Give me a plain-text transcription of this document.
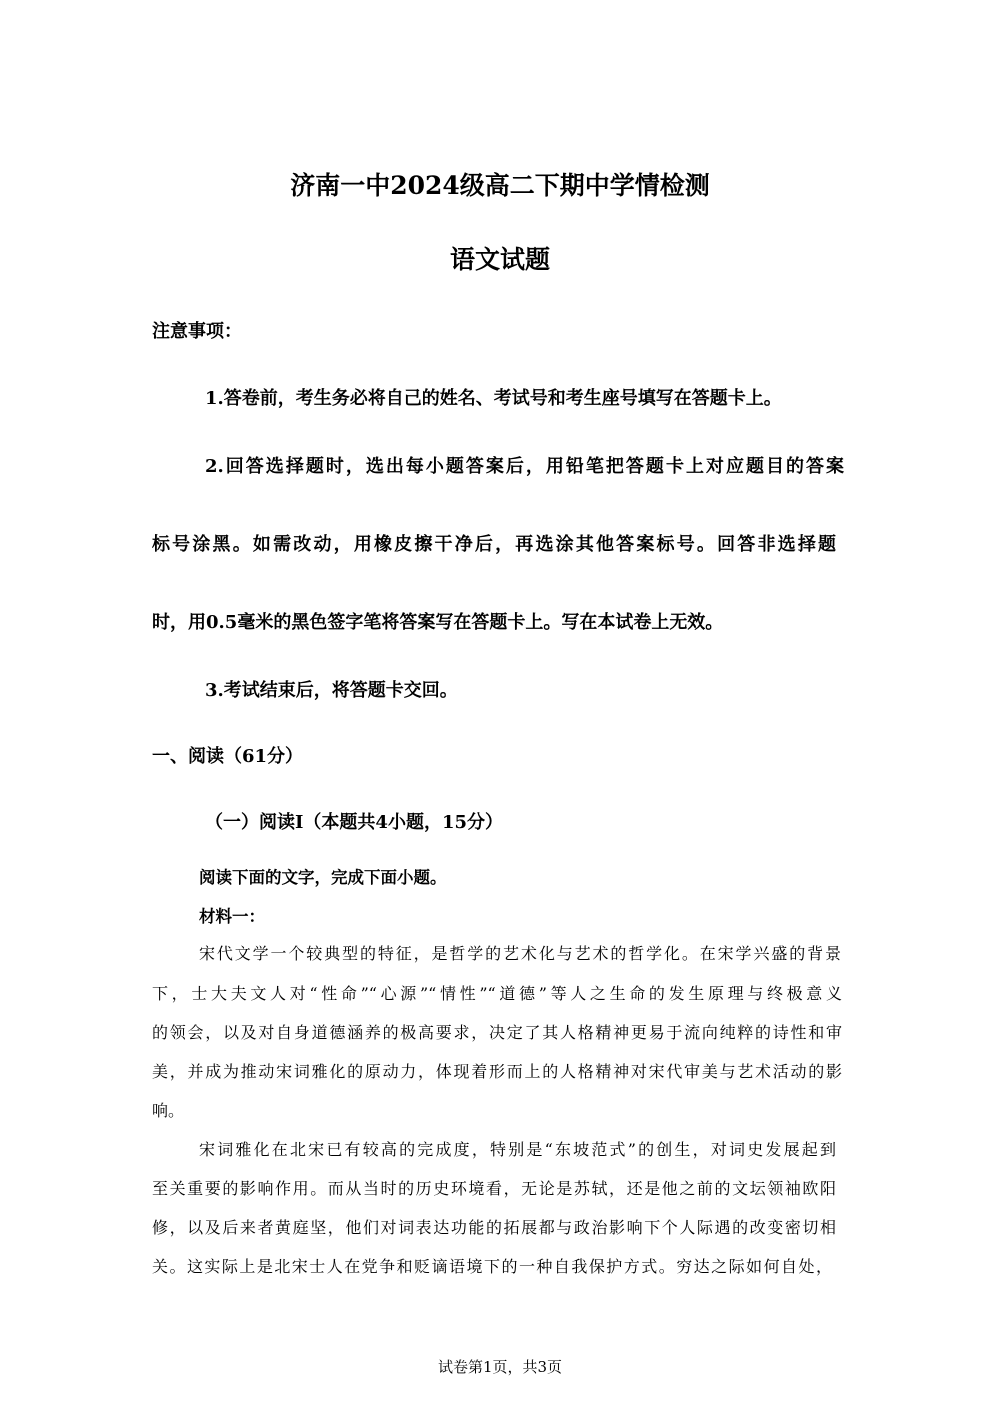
济南一中2024级高二下期中学情检测
语文试题
注意事项：
1.答卷前，考生务必将自己的姓名、考试号和考生座号填写在答题卡上。
2.回答选择题时，选出每小题答案后，用铅笔把答题卡上对应题目的答案
标号涂黑。如需改动，用橡皮擦干净后，再选涂其他答案标号。回答非选择题
时，用0.5毫米的黑色签字笔将答案写在答题卡上。写在本试卷上无效。
3.考试结束后，将答题卡交回。
一、阅读（61分）
（一）阅读Ⅰ（本题共4小题，15分）
阅读下面的文字，完成下面小题。
材料一：
宋代文学一个较典型的特征，是哲学的艺术化与艺术的哲学化。在宋学兴盛的背景
下，士大夫文人对“性命”“心源”“情性”“道德”等人之生命的发生原理与终极意义
的领会，以及对自身道德涵养的极高要求，决定了其人格精神更易于流向纯粹的诗性和审
美，并成为推动宋词雅化的原动力，体现着形而上的人格精神对宋代审美与艺术活动的影
响。
宋词雅化在北宋已有较高的完成度，特别是“东坡范式”的创生，对词史发展起到
至关重要的影响作用。而从当时的历史环境看，无论是苏轼，还是他之前的文坛领袖欧阳
修，以及后来者黄庭坚，他们对词表达功能的拓展都与政治影响下个人际遇的改变密切相
关。这实际上是北宋士人在党争和贬谪语境下的一种自我保护方式。穷达之际如何自处，
试卷第1页，共3页
